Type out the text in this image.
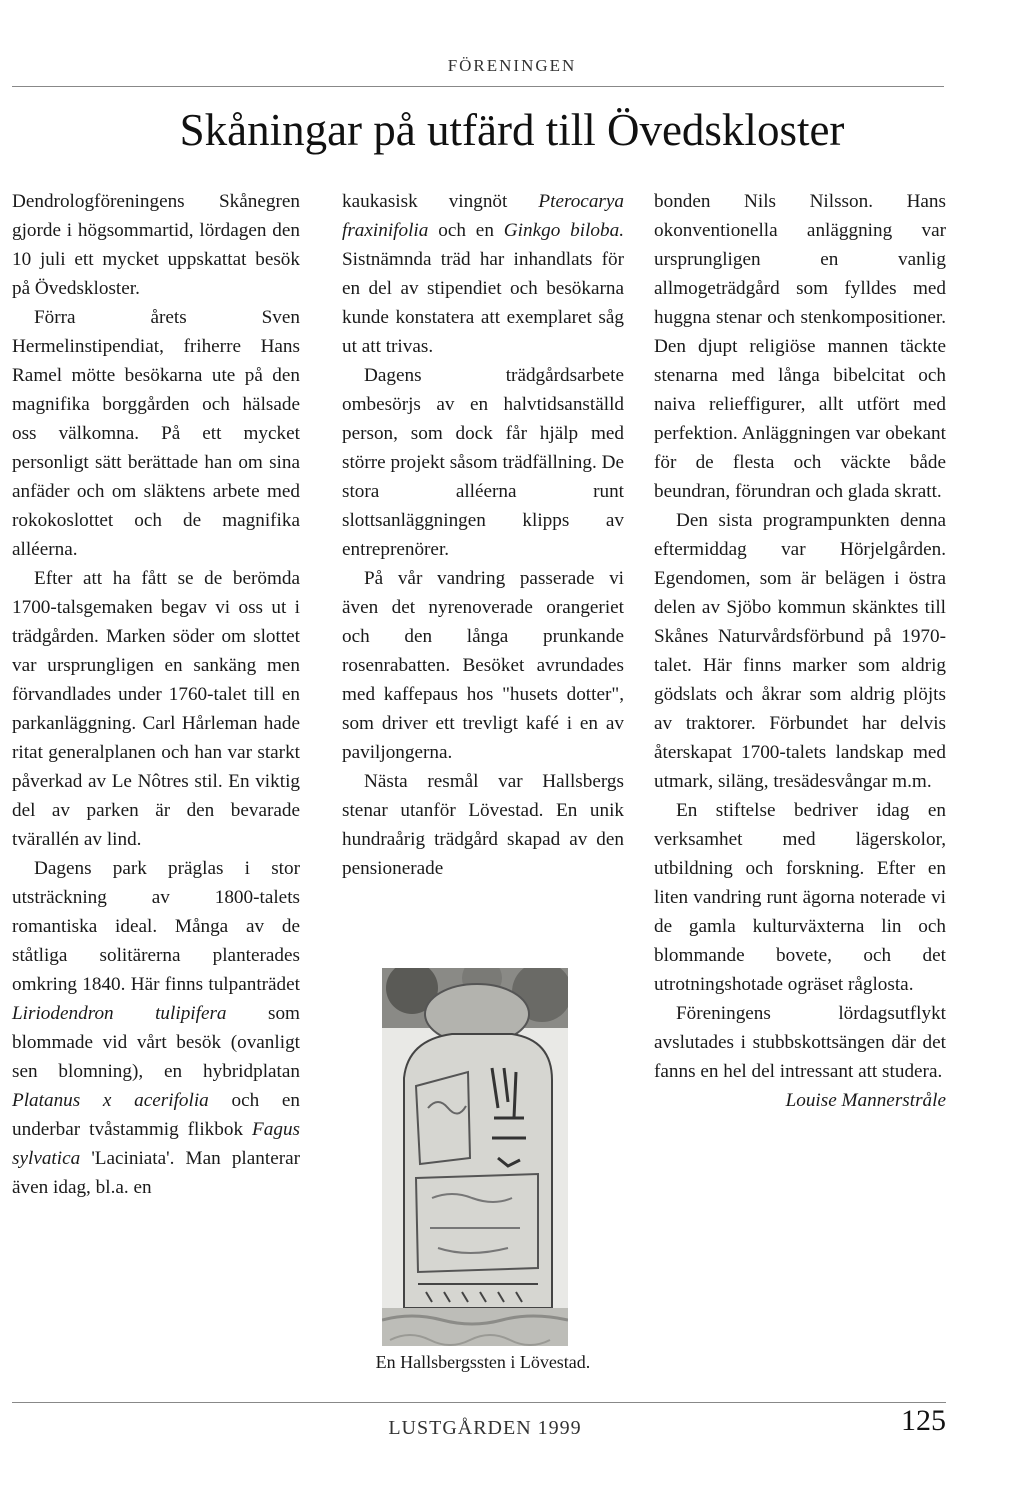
FÖRENINGEN
Skåningar på utfärd till Övedskloster

Dendrologföreningens Skånegren gjorde i högsommartid, lördagen den 10 juli ett mycket uppskattat besök på Övedskloster.

Förra årets Sven Hermelinstipendiat, friherre Hans Ramel mötte besökarna ute på den magnifika borggården och hälsade oss välkomna. På ett mycket personligt sätt berättade han om sina anfäder och om släktens arbete med rokokoslottet och de magnifika alléerna.

Efter att ha fått se de berömda 1700-talsgemaken begav vi oss ut i trädgården. Marken söder om slottet var ursprungligen en sankäng men förvandlades under 1760-talet till en parkanläggning. Carl Hårleman hade ritat generalplanen och han var starkt påverkad av Le Nôtres stil. En viktig del av parken är den bevarade tvärallén av lind.

Dagens park präglas i stor utsträckning av 1800-talets romantiska ideal. Många av de ståtliga solitärerna planterades omkring 1840. Här finns tulpanträdet Liriodendron tulipifera som blommade vid vårt besök (ovanligt sen blomning), en hybridplatan Platanus x acerifolia och en underbar tvåstammig flikbok Fagus sylvatica 'Laciniata'. Man planterar även idag, bl.a. en

kaukasisk vingnöt Pterocarya fraxinifolia och en Ginkgo biloba. Sistnämnda träd har inhandlats för en del av stipendiet och besökarna kunde konstatera att exemplaret såg ut att trivas.

Dagens trädgårdsarbete ombesörjs av en halvtidsanställd person, som dock får hjälp med större projekt såsom trädfällning. De stora alléerna runt slottsanläggningen klipps av entreprenörer.

På vår vandring passerade vi även det nyrenoverade orangeriet och den långa prunkande rosenrabatten. Besöket avrundades med kaffepaus hos "husets dotter", som driver ett trevligt kafé i en av paviljongerna.

Nästa resmål var Hallsbergs stenar utanför Lövestad. En unik hundraårig trädgård skapad av den pensionerade

En Hallsbergssten i Lövestad.

bonden Nils Nilsson. Hans okonventionella anläggning var ursprungligen en vanlig allmogeträdgård som fylldes med huggna stenar och stenkompositioner. Den djupt religiöse mannen täckte stenarna med långa bibelcitat och naiva relieffigurer, allt utfört med perfektion. Anläggningen var obekant för de flesta och väckte både beundran, förundran och glada skratt.

Den sista programpunkten denna eftermiddag var Hörjelgården. Egendomen, som är belägen i östra delen av Sjöbo kommun skänktes till Skånes Naturvårdsförbund på 1970-talet. Här finns marker som aldrig gödslats och åkrar som aldrig plöjts av traktorer. Förbundet har delvis återskapat 1700-talets landskap med utmark, siläng, tresädesvångar m.m.

En stiftelse bedriver idag en verksamhet med lägerskolor, utbildning och forskning. Efter en liten vandring runt ägorna noterade vi de gamla kulturväxterna lin och blommande bovete, och det utrotningshotade ogräset råglosta.

Föreningens lördagsutflykt avslutades i stubbskottsängen där det fanns en hel del intressant att studera.

Louise Mannerstråle

LUSTGÅRDEN 1999	125
